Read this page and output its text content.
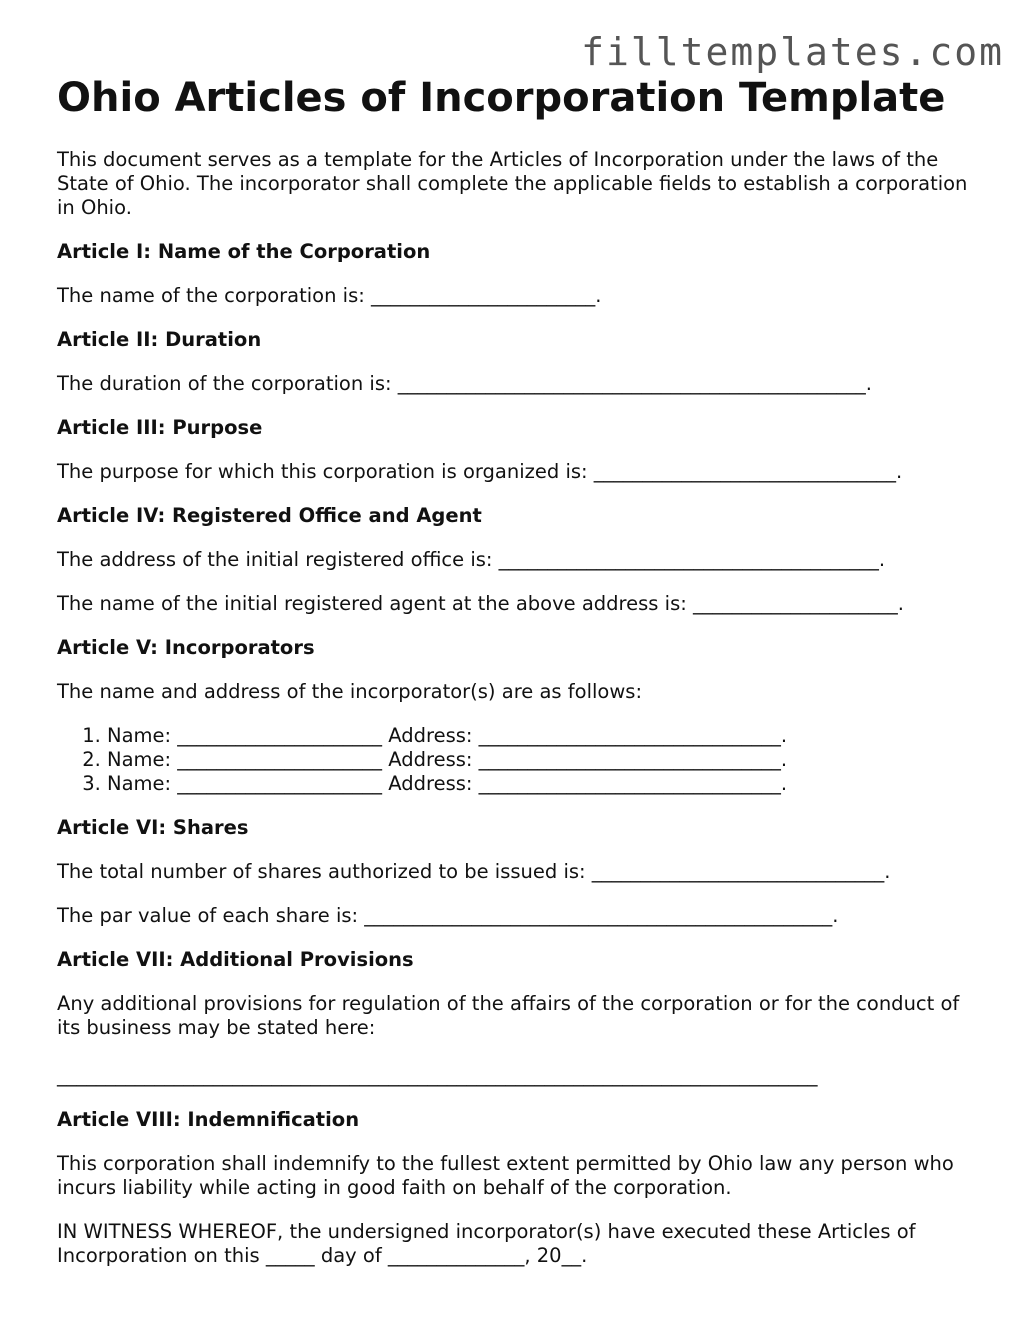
filltemplates.com
Ohio Articles of Incorporation Template

This document serves as a template for the Articles of Incorporation under the laws of the State of Ohio. The incorporator shall complete the applicable fields to establish a corporation in Ohio.

Article I: Name of the Corporation
The name of the corporation is: _______________________.
Article II: Duration
The duration of the corporation is: ________________________________________________.
Article III: Purpose
The purpose for which this corporation is organized is: _______________________________.
Article IV: Registered Office and Agent
The address of the initial registered office is: _______________________________________.
The name of the initial registered agent at the above address is: _____________________.
Article V: Incorporators
The name and address of the incorporator(s) are as follows:
1. Name: _____________________ Address: _______________________________.
2. Name: _____________________ Address: _______________________________.
3. Name: _____________________ Address: _______________________________.
Article VI: Shares
The total number of shares authorized to be issued is: ______________________________.
The par value of each share is: ________________________________________________.
Article VII: Additional Provisions
Any additional provisions for regulation of the affairs of the corporation or for the conduct of its business may be stated here:
______________________________________________________________________________
Article VIII: Indemnification
This corporation shall indemnify to the fullest extent permitted by Ohio law any person who incurs liability while acting in good faith on behalf of the corporation.
IN WITNESS WHEREOF, the undersigned incorporator(s) have executed these Articles of Incorporation on this _____ day of ______________, 20__.
